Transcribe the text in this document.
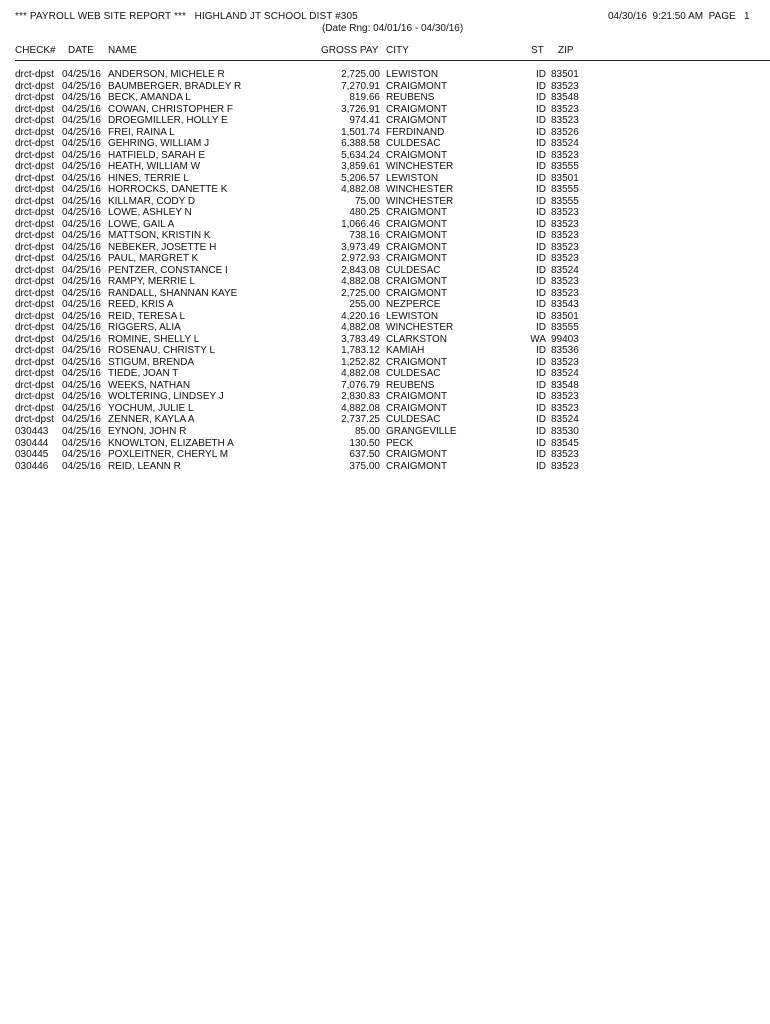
*** PAYROLL WEB SITE REPORT ***   HIGHLAND JT SCHOOL DIST #305
(Date Rng: 04/01/16 - 04/30/16)
04/30/16  9:21:50 AM  PAGE   1
CHECK# DATE NAME	GROSS PAY CITY	ST ZIP
drct-dpst 04/25/16 ANDERSON, MICHELE R	2,725.00 LEWISTON	ID 83501
drct-dpst 04/25/16 BAUMBERGER, BRADLEY R	7,270.91 CRAIGMONT	ID 83523
drct-dpst 04/25/16 BECK, AMANDA L	819.66 REUBENS	ID 83548
drct-dpst 04/25/16 COWAN, CHRISTOPHER F	3,726.91 CRAIGMONT	ID 83523
drct-dpst 04/25/16 DROEGMILLER, HOLLY E	974.41 CRAIGMONT	ID 83523
drct-dpst 04/25/16 FREI, RAINA L	1,501.74 FERDINAND	ID 83526
drct-dpst 04/25/16 GEHRING, WILLIAM J	6,388.58 CULDESAC	ID 83524
drct-dpst 04/25/16 HATFIELD, SARAH E	5,634.24 CRAIGMONT	ID 83523
drct-dpst 04/25/16 HEATH, WILLIAM W	3,859.61 WINCHESTER	ID 83555
drct-dpst 04/25/16 HINES, TERRIE L	5,206.57 LEWISTON	ID 83501
drct-dpst 04/25/16 HORROCKS, DANETTE K	4,882.08 WINCHESTER	ID 83555
drct-dpst 04/25/16 KILLMAR, CODY D	75.00 WINCHESTER	ID 83555
drct-dpst 04/25/16 LOWE, ASHLEY N	480.25 CRAIGMONT	ID 83523
drct-dpst 04/25/16 LOWE, GAIL A	1,066.46 CRAIGMONT	ID 83523
drct-dpst 04/25/16 MATTSON, KRISTIN K	738.16 CRAIGMONT	ID 83523
drct-dpst 04/25/16 NEBEKER, JOSETTE H	3,973.49 CRAIGMONT	ID 83523
drct-dpst 04/25/16 PAUL, MARGRET K	2,972.93 CRAIGMONT	ID 83523
drct-dpst 04/25/16 PENTZER, CONSTANCE I	2,843.08 CULDESAC	ID 83524
drct-dpst 04/25/16 RAMPY, MERRIE L	4,882.08 CRAIGMONT	ID 83523
drct-dpst 04/25/16 RANDALL, SHANNAN KAYE	2,725.00 CRAIGMONT	ID 83523
drct-dpst 04/25/16 REED, KRIS A	255.00 NEZPERCE	ID 83543
drct-dpst 04/25/16 REID, TERESA L	4,220.16 LEWISTON	ID 83501
drct-dpst 04/25/16 RIGGERS, ALIA	4,882.08 WINCHESTER	ID 83555
drct-dpst 04/25/16 ROMINE, SHELLY L	3,783.49 CLARKSTON	WA 99403
drct-dpst 04/25/16 ROSENAU, CHRISTY L	1,783.12 KAMIAH	ID 83536
drct-dpst 04/25/16 STIGUM, BRENDA	1,252.82 CRAIGMONT	ID 83523
drct-dpst 04/25/16 TIEDE, JOAN T	4,882.08 CULDESAC	ID 83524
drct-dpst 04/25/16 WEEKS, NATHAN	7,076.79 REUBENS	ID 83548
drct-dpst 04/25/16 WOLTERING, LINDSEY J	2,830.83 CRAIGMONT	ID 83523
drct-dpst 04/25/16 YOCHUM, JULIE L	4,882.08 CRAIGMONT	ID 83523
drct-dpst 04/25/16 ZENNER, KAYLA A	2,737.25 CULDESAC	ID 83524
030443 04/25/16 EYNON, JOHN R	85.00 GRANGEVILLE	ID 83530
030444 04/25/16 KNOWLTON, ELIZABETH A	130.50 PECK	ID 83545
030445 04/25/16 POXLEITNER, CHERYL M	637.50 CRAIGMONT	ID 83523
030446 04/25/16 REID, LEANN R	375.00 CRAIGMONT	ID 83523
